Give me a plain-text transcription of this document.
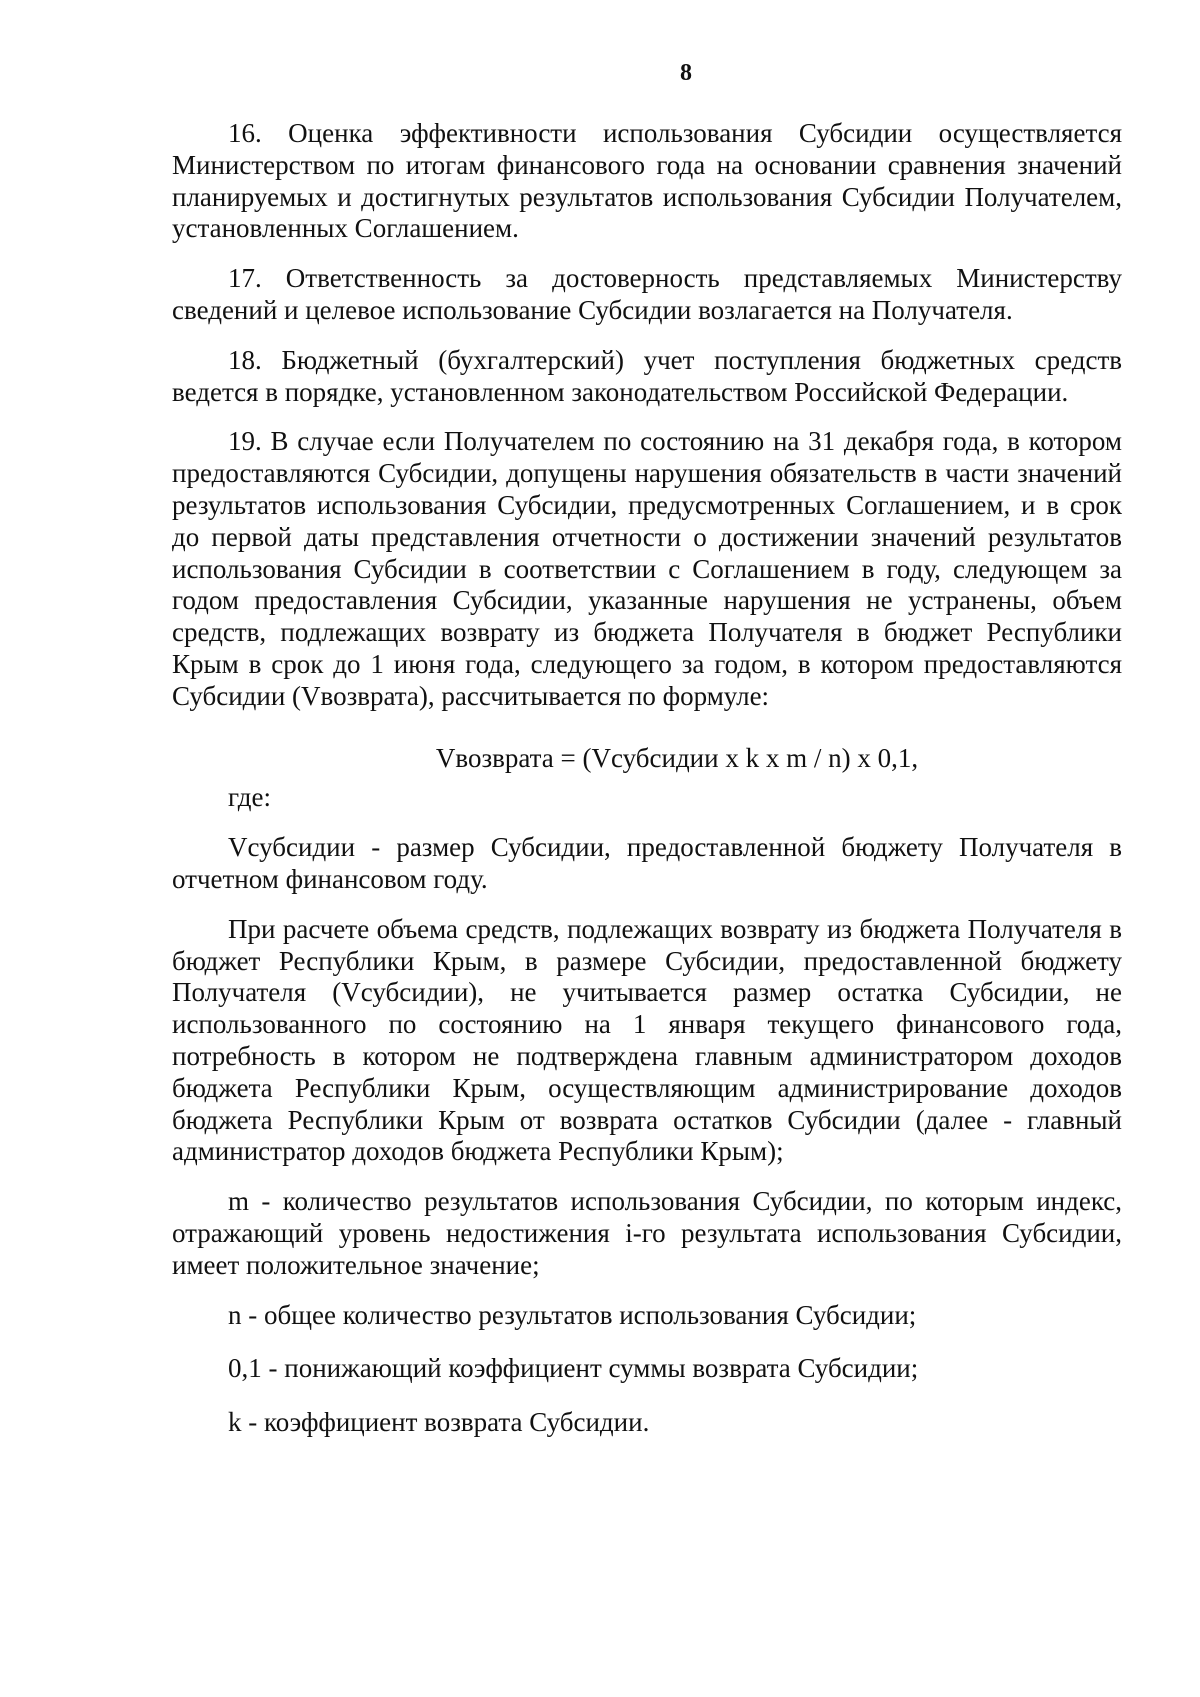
8

16. Оценка эффективности использования Субсидии осуществляется Министерством по итогам финансового года на основании сравнения значений планируемых и достигнутых результатов использования Субсидии Получателем, установленных Соглашением.

17. Ответственность за достоверность представляемых Министерству сведений и целевое использование Субсидии возлагается на Получателя.

18. Бюджетный (бухгалтерский) учет поступления бюджетных средств ведется в порядке, установленном законодательством Российской Федерации.

19. В случае если Получателем по состоянию на 31 декабря года, в котором предоставляются Субсидии, допущены нарушения обязательств в части значений результатов использования Субсидии, предусмотренных Соглашением, и в срок до первой даты представления отчетности о достижении значений результатов использования Субсидии в соответствии с Соглашением в году, следующем за годом предоставления Субсидии, указанные нарушения не устранены, объем средств, подлежащих возврату из бюджета Получателя в бюджет Республики Крым в срок до 1 июня года, следующего за годом, в котором предоставляются Субсидии (Vвозврата), рассчитывается по формуле:

Vвозврата = (Vсубсидии x k x m / n) x 0,1,
где:

Vсубсидии - размер Субсидии, предоставленной бюджету Получателя в отчетном финансовом году.

При расчете объема средств, подлежащих возврату из бюджета Получателя в бюджет Республики Крым, в размере Субсидии, предоставленной бюджету Получателя (Vсубсидии), не учитывается размер остатка Субсидии, не использованного по состоянию на 1 января текущего финансового года, потребность в котором не подтверждена главным администратором доходов бюджета Республики Крым, осуществляющим администрирование доходов бюджета Республики Крым от возврата остатков Субсидии (далее - главный администратор доходов бюджета Республики Крым);

m - количество результатов использования Субсидии, по которым индекс, отражающий уровень недостижения i-го результата использования Субсидии, имеет положительное значение;

n - общее количество результатов использования Субсидии;

0,1 - понижающий коэффициент суммы возврата Субсидии;

k - коэффициент возврата Субсидии.
